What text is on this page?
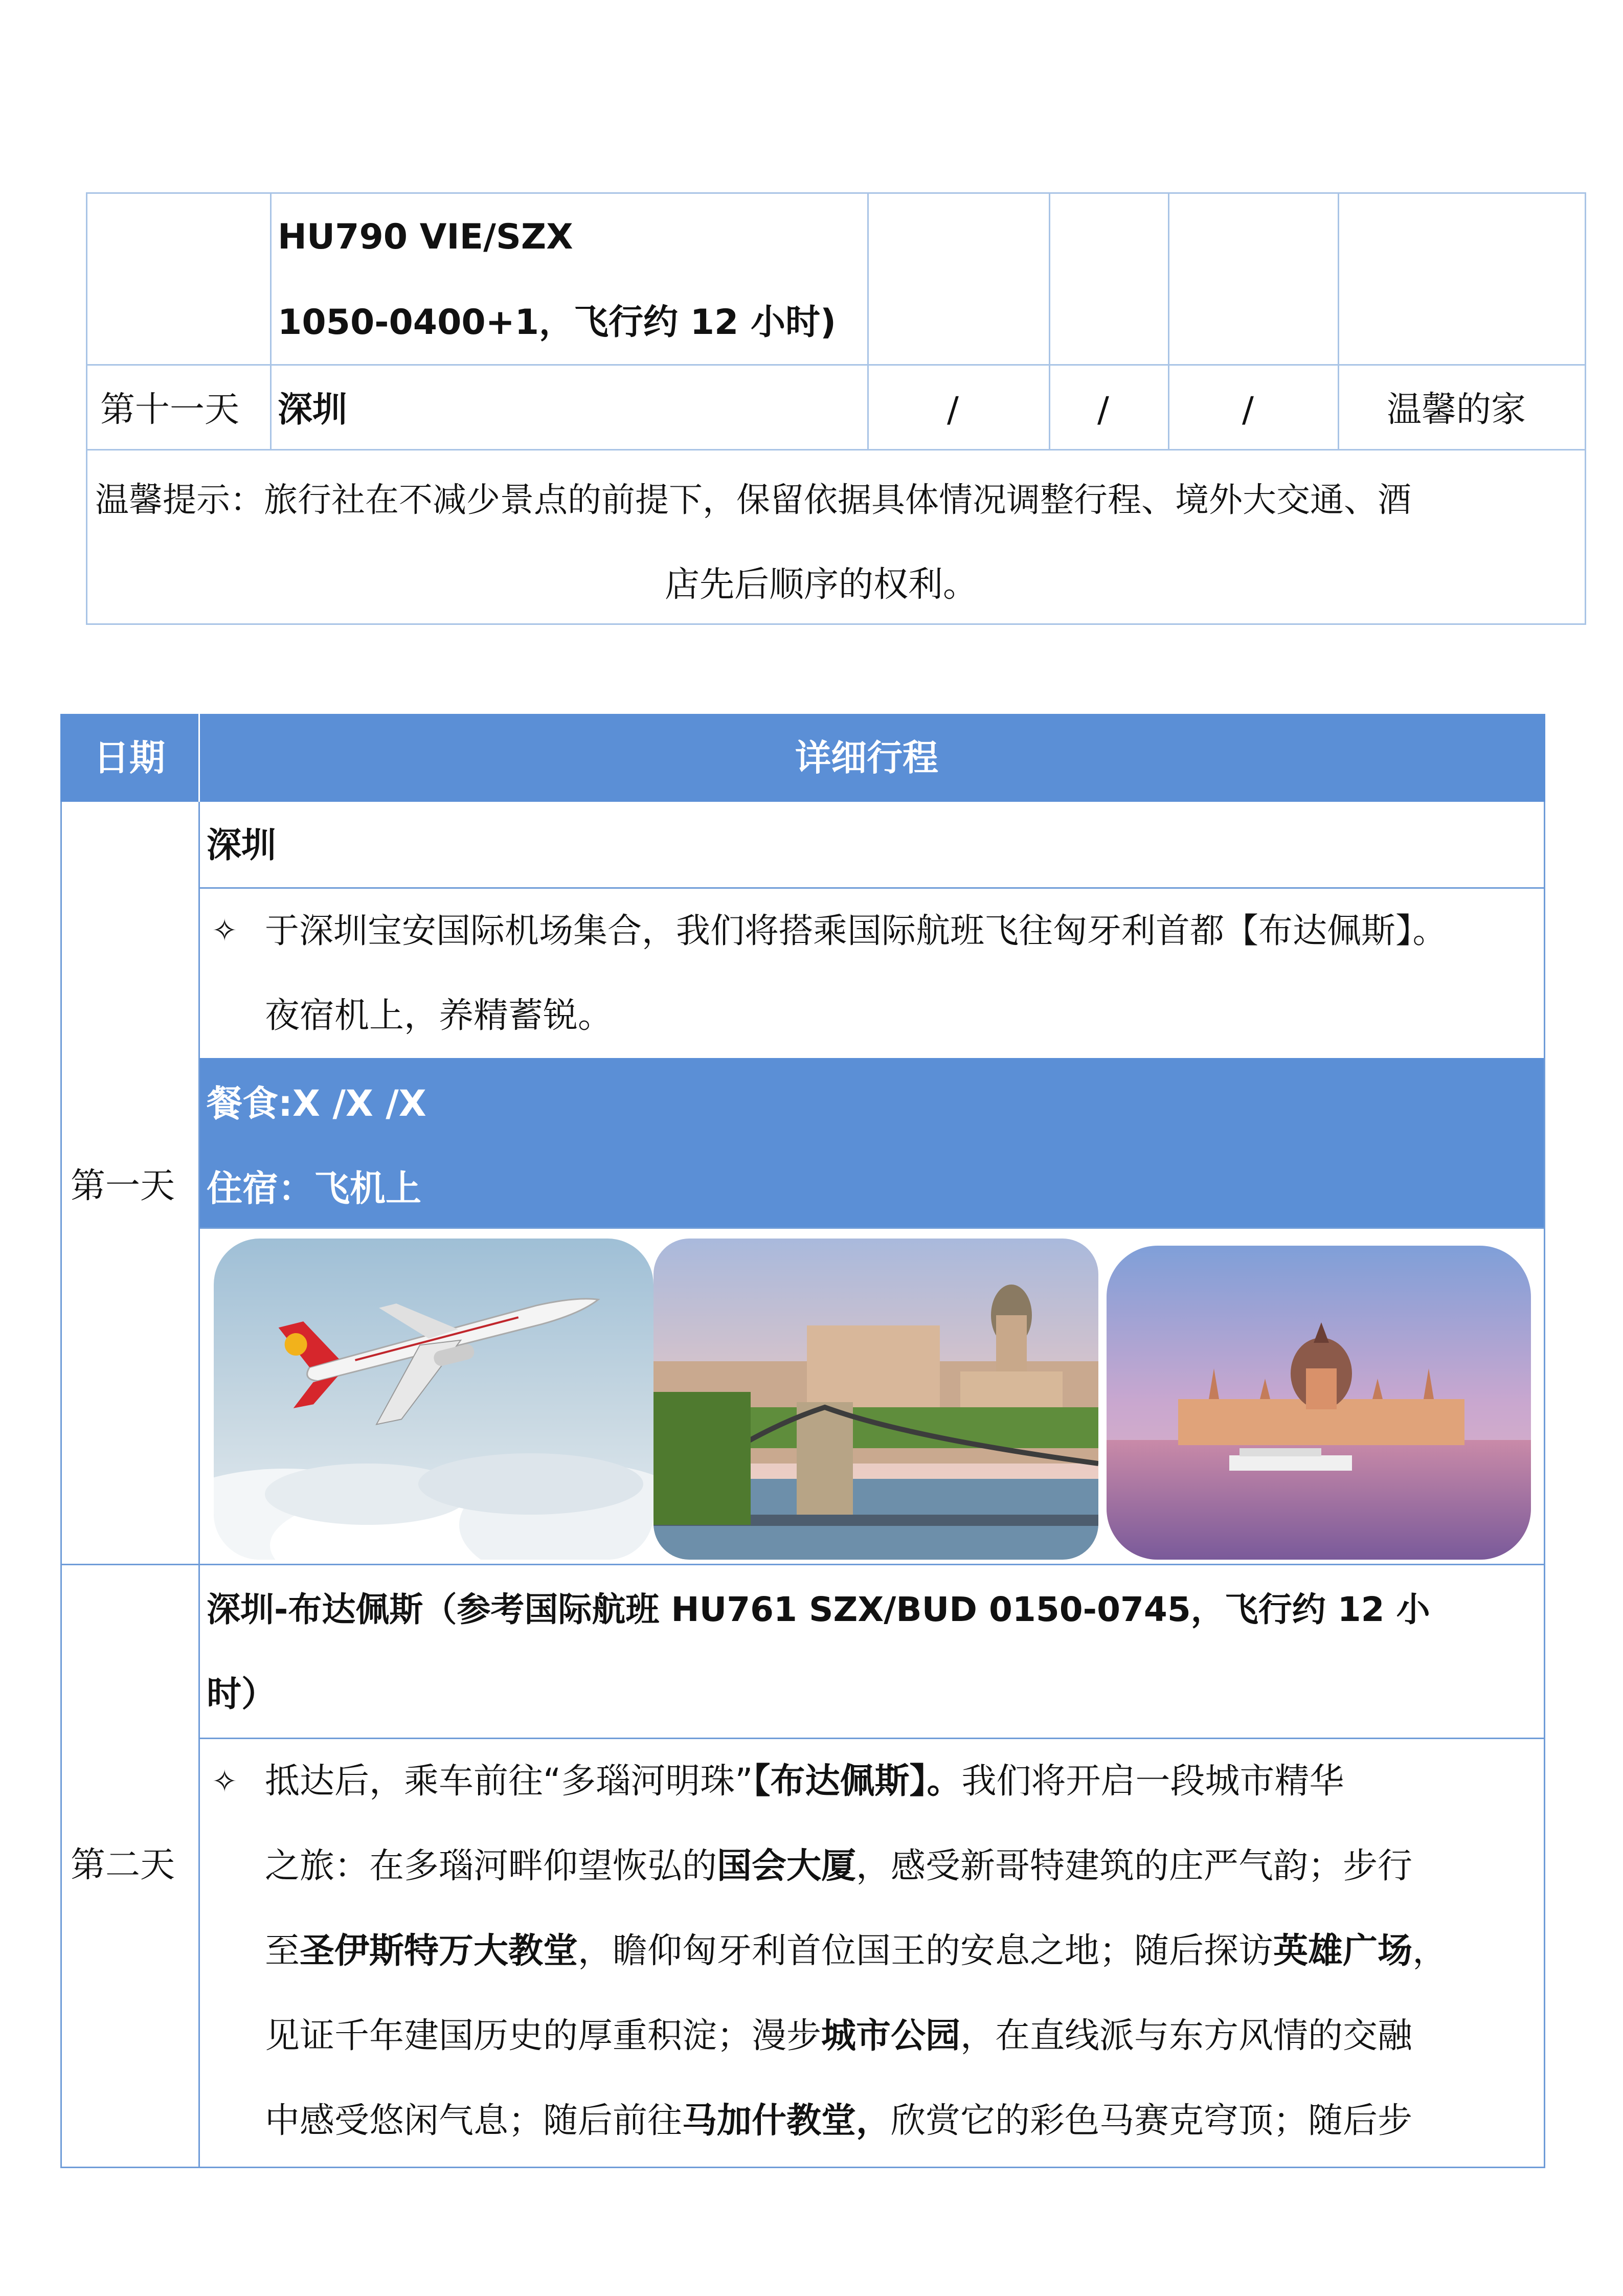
HU790 VIE/SZX
1050-0400+1，飞行约 12 小时)
第十一天 深圳	/	/	/	温馨的家
温馨提示：旅行社在不减少景点的前提下，保留依据具体情况调整行程、境外大交通、酒
店先后顺序的权利。
日期	详细行程
第一天
深圳
✧ 于深圳宝安国际机场集合，我们将搭乘国际航班飞往匈牙利首都【布达佩斯】。
夜宿机上，养精蓄锐。
餐食:X /X /X
住宿：飞机上
第二天
深圳-布达佩斯（参考国际航班 HU761 SZX/BUD 0150-0745，飞行约 12 小
时）
✧ 抵达后，乘车前往“多瑙河明珠”【布达佩斯】。我们将开启一段城市精华
之旅：在多瑙河畔仰望恢弘的国会大厦，感受新哥特建筑的庄严气韵；步行
至圣伊斯特万大教堂，瞻仰匈牙利首位国王的安息之地；随后探访英雄广场，
见证千年建国历史的厚重积淀；漫步城市公园，在直线派与东方风情的交融
中感受悠闲气息；随后前往马加什教堂，欣赏它的彩色马赛克穹顶；随后步
